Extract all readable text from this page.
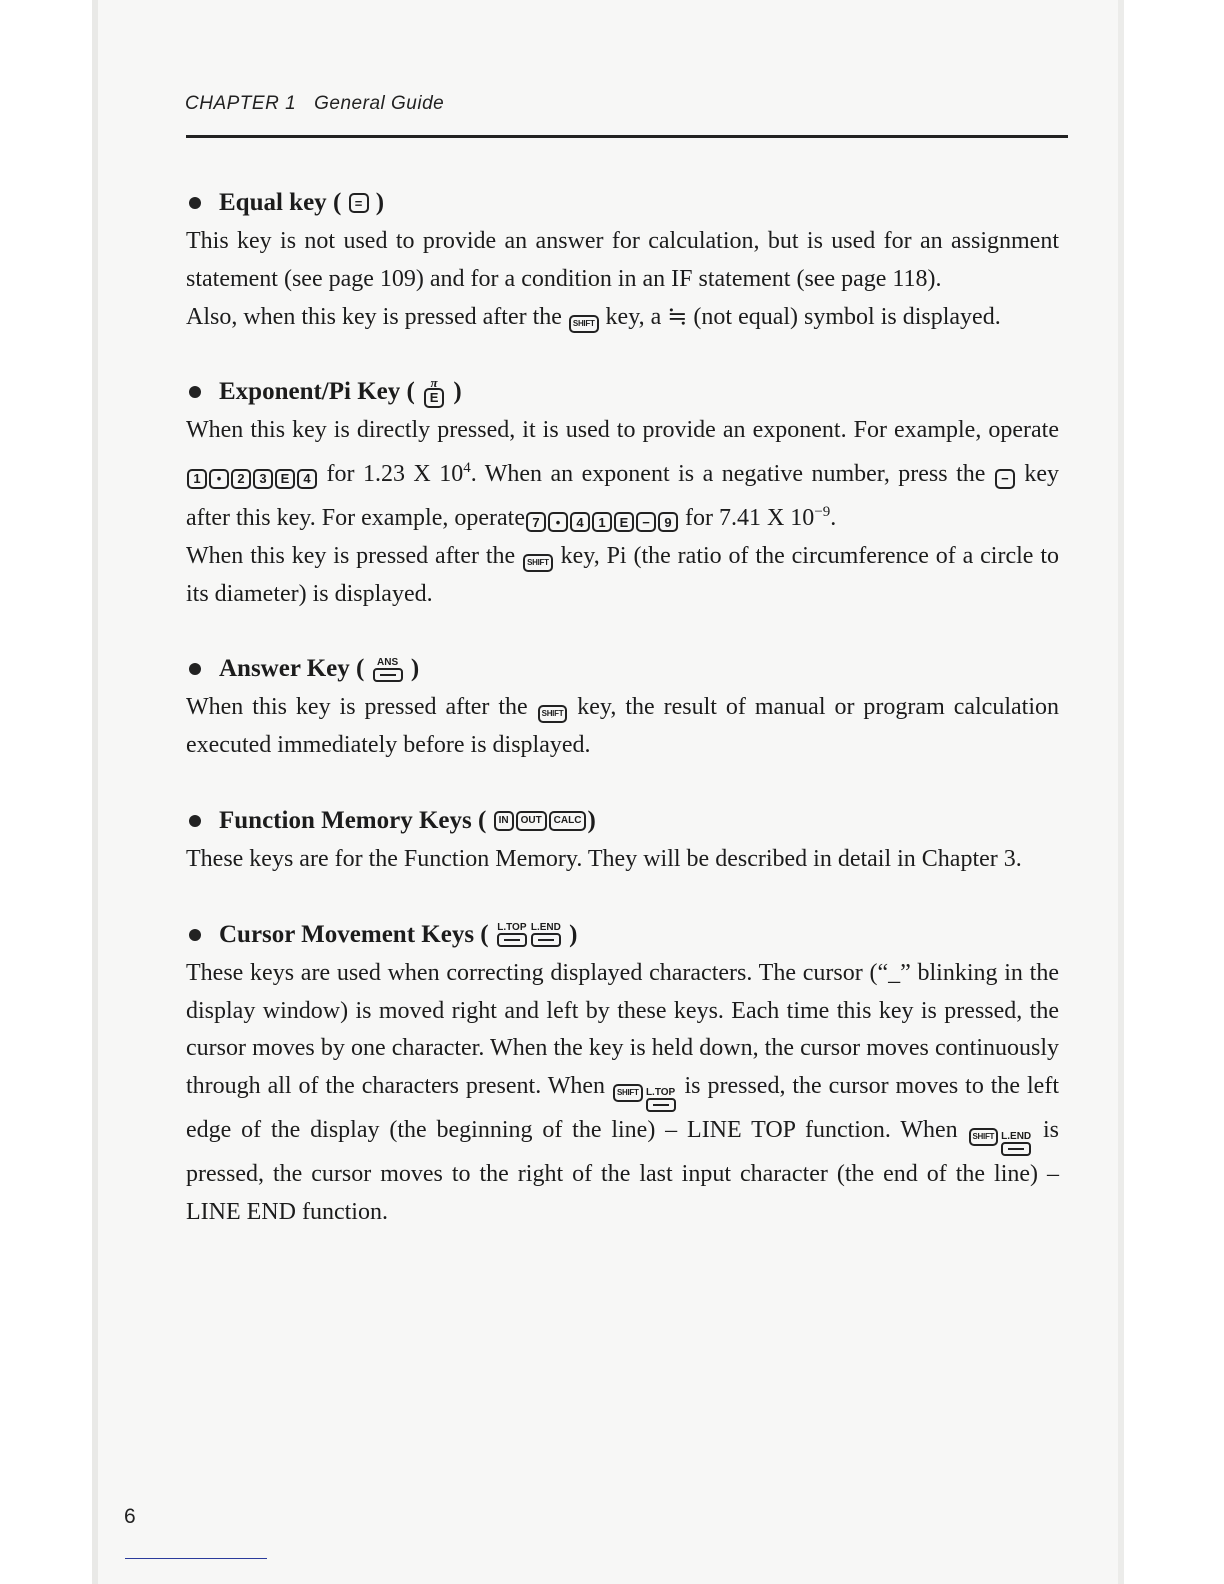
CHAPTER 1 General Guide

Equal key ( = )

This key is not used to provide an answer for calculation, but is used for an assignment statement (see page 109) and for a condition in an IF statement (see page 118).

Also, when this key is pressed after the SHIFT key, a ≒ (not equal) symbol is displayed.

Exponent/Pi Key ( π
E )

When this key is directly pressed, it is used to provide an exponent. For example, operate1 • 2 3 E 4 for 1.23 X $10^4$. When an exponent is a negative number, press the − key after this key. For example, operate 7 • 4 1 E − 9 for 7.41 X $10^{-9}$.

When this key is pressed after the SHIFT key, Pi (the ratio of the circumference of a circle to its diameter) is displayed.

Answer Key ( ANS )

When this key is pressed after the SHIFT key, the result of manual or program calculation executed immediately before is displayed.

Function Memory Keys ( IN	OUT	CALC )

These keys are for the Function Memory. They will be described in detail in Chapter 3.

Cursor Movement Keys ( L.TOP L.END )

These keys are used when correcting displayed characters. The cursor (“_” blinking in the display window) is moved right and left by these keys. Each time this key is pressed, the cursor moves by one character. When the key is held down, the cursor moves continuously through all of the characters present. When SHIFT L.TOP is pressed, the cursor moves to the left edge of the display (the beginning of the line) – LINE TOP function. When SHIFT L.END is pressed, the cursor moves to the right of the last input character (the end of the line) – LINE END function.

6
